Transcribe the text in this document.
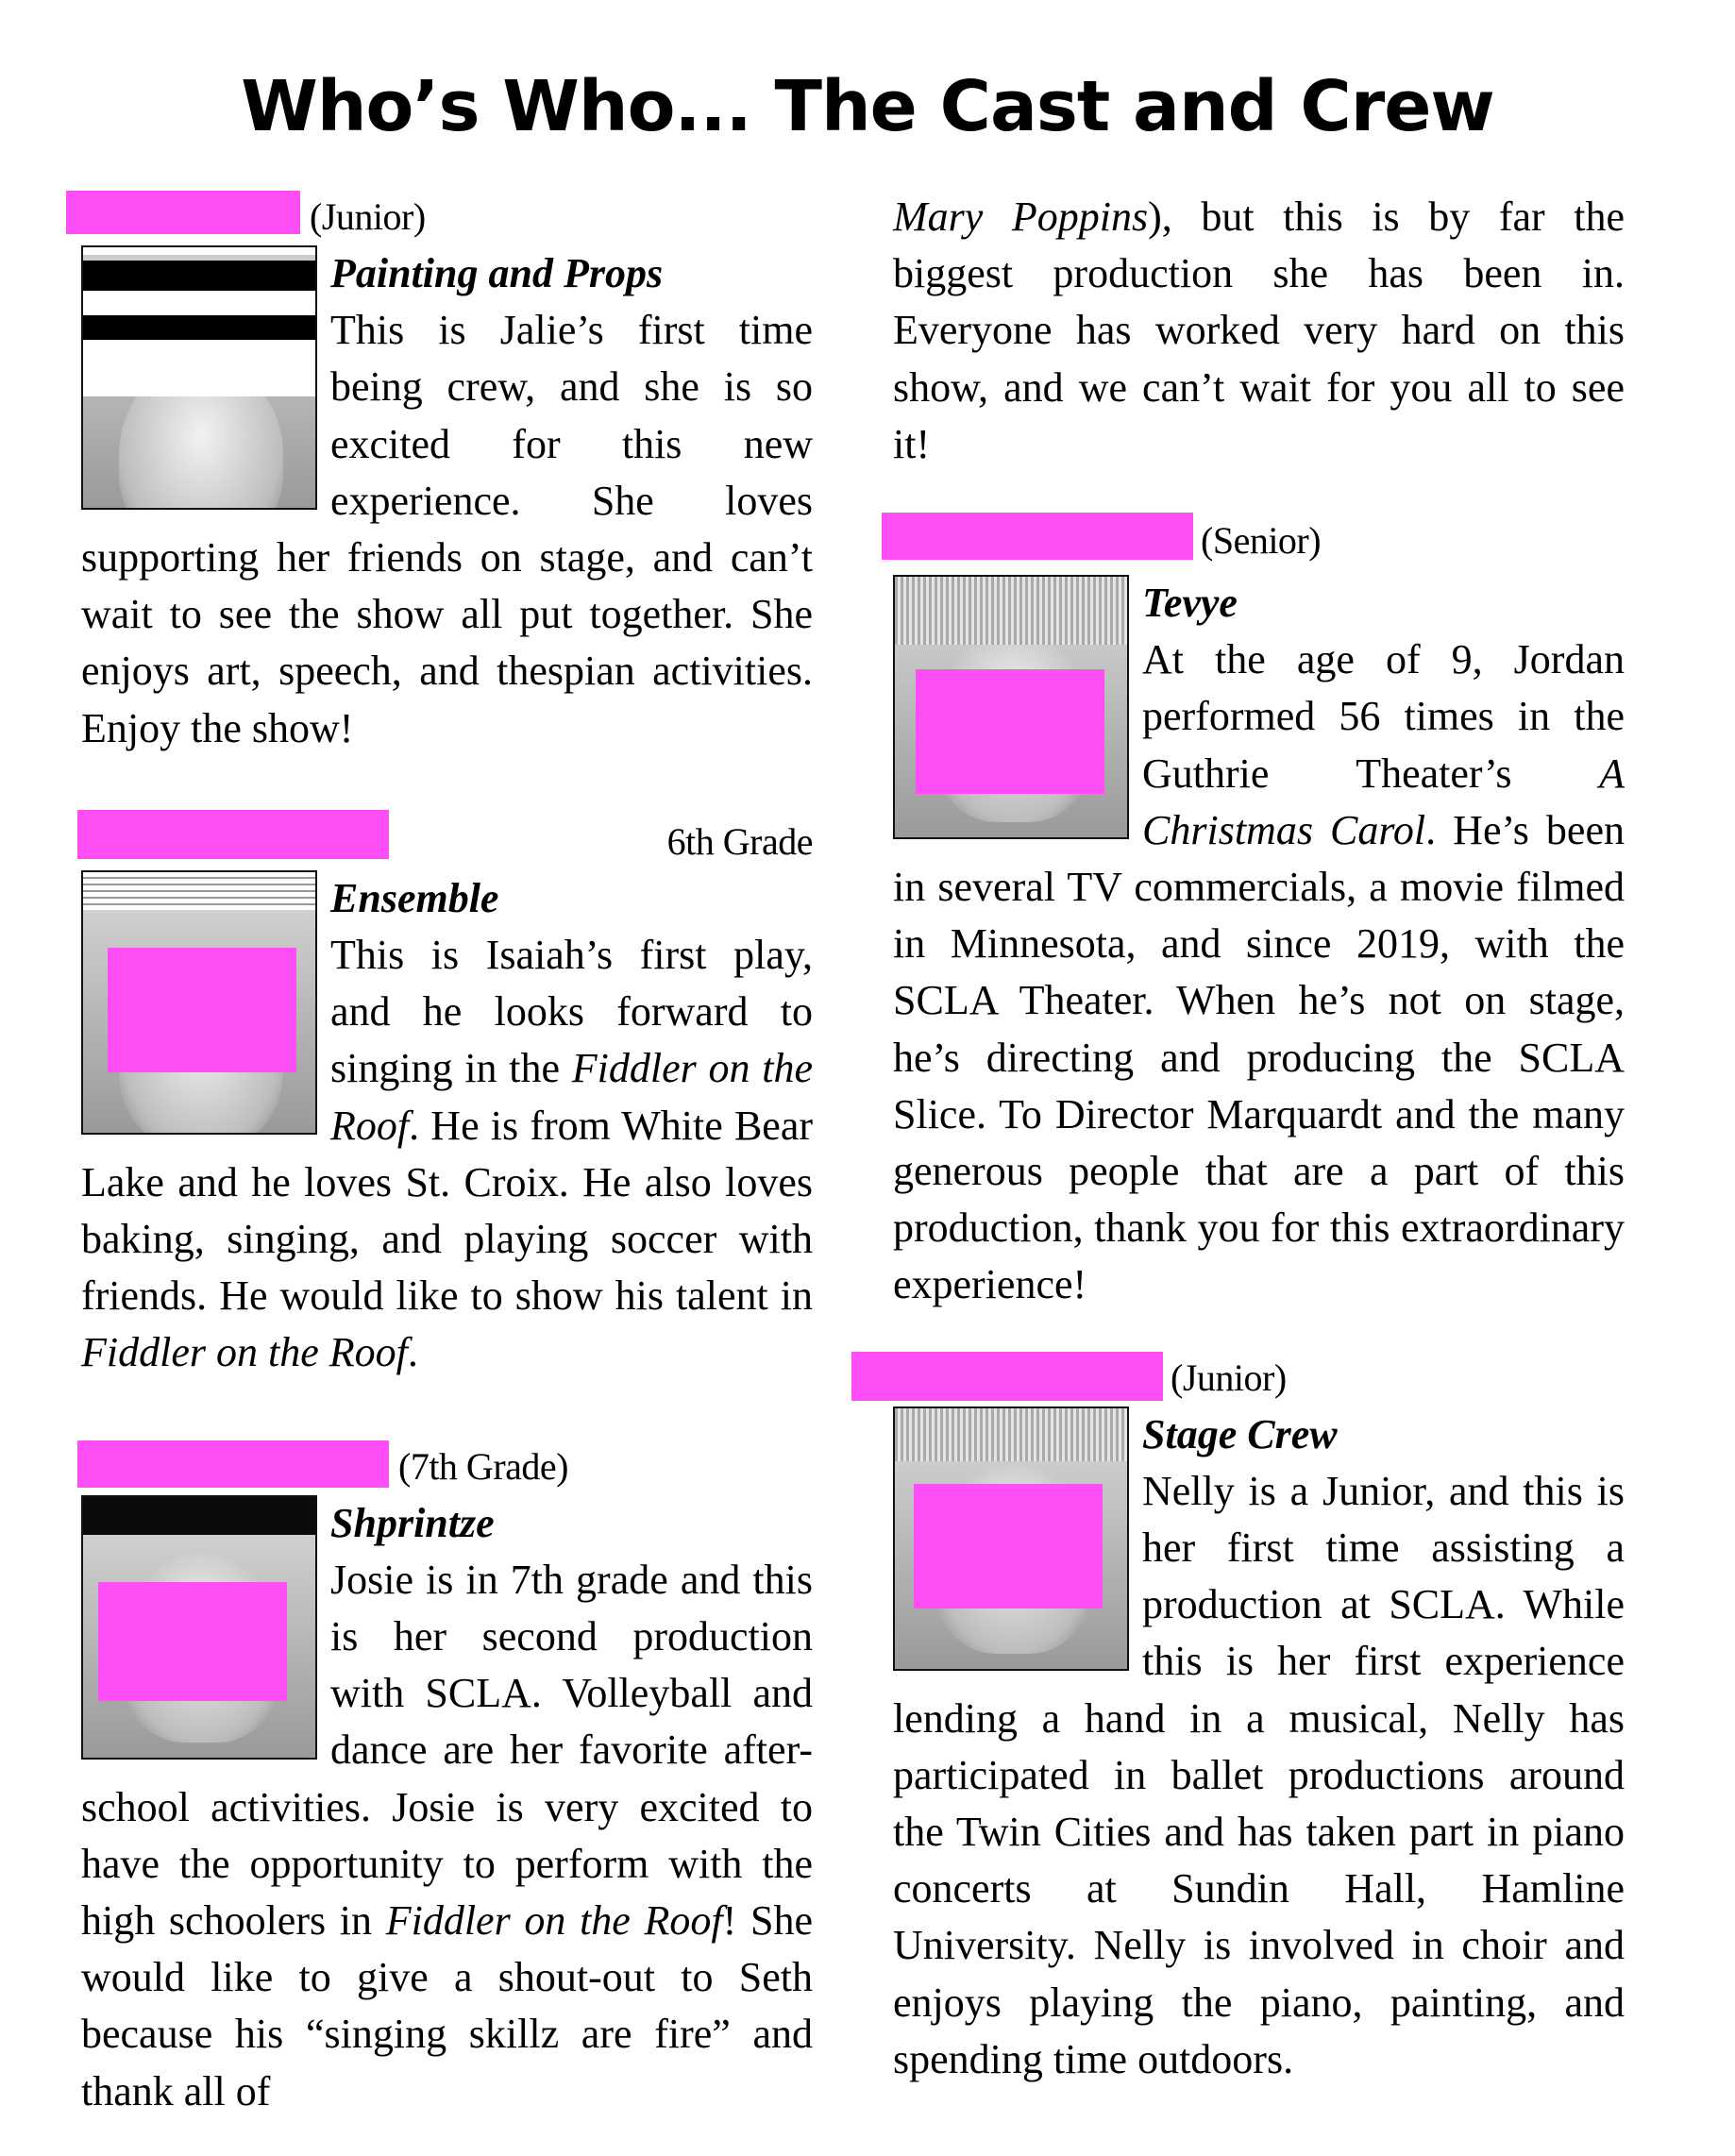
Who’s Who... The Cast and Crew
(Junior)
Painting and Props

This is Jalie’s first time being crew, and she is so excited for this new experience. She loves supporting her friends on stage, and can’t wait to see the show all put together. She enjoys art, speech, and thespian activities. Enjoy the show!

6th Grade
Ensemble

This is Isaiah’s first play, and he looks forward to singing in the Fiddler on the Roof. He is from White Bear Lake and he loves St. Croix. He also loves baking, singing, and playing soccer with friends. He would like to show his talent in Fiddler on the Roof.

(7th Grade)
Shprintze

Josie is in 7th grade and this is her second production with SCLA. Volleyball and dance are her favorite after-school activities. Josie is very excited to have the opportunity to perform with the high schoolers in Fiddler on the Roof! She would like to give a shout-out to Seth because his “singing skillz are fire” and thank all of

Mary Poppins), but this is by far the biggest production she has been in. Everyone has worked very hard on this show, and we can’t wait for you all to see it!

(Senior)
Tevye

At the age of 9, Jordan performed 56 times in the Guthrie Theater’s A Christmas Carol. He’s been in several TV commercials, a movie filmed in Minnesota, and since 2019, with the SCLA Theater. When he’s not on stage, he’s directing and producing the SCLA Slice. To Director Marquardt and the many generous people that are a part of this production, thank you for this extraordinary experience!

(Junior)
Stage Crew

Nelly is a Junior, and this is her first time assisting a production at SCLA. While this is her first experience lending a hand in a musical, Nelly has participated in ballet productions around the Twin Cities and has taken part in piano concerts at Sundin Hall, Hamline University. Nelly is involved in choir and enjoys playing the piano, painting, and spending time outdoors.
